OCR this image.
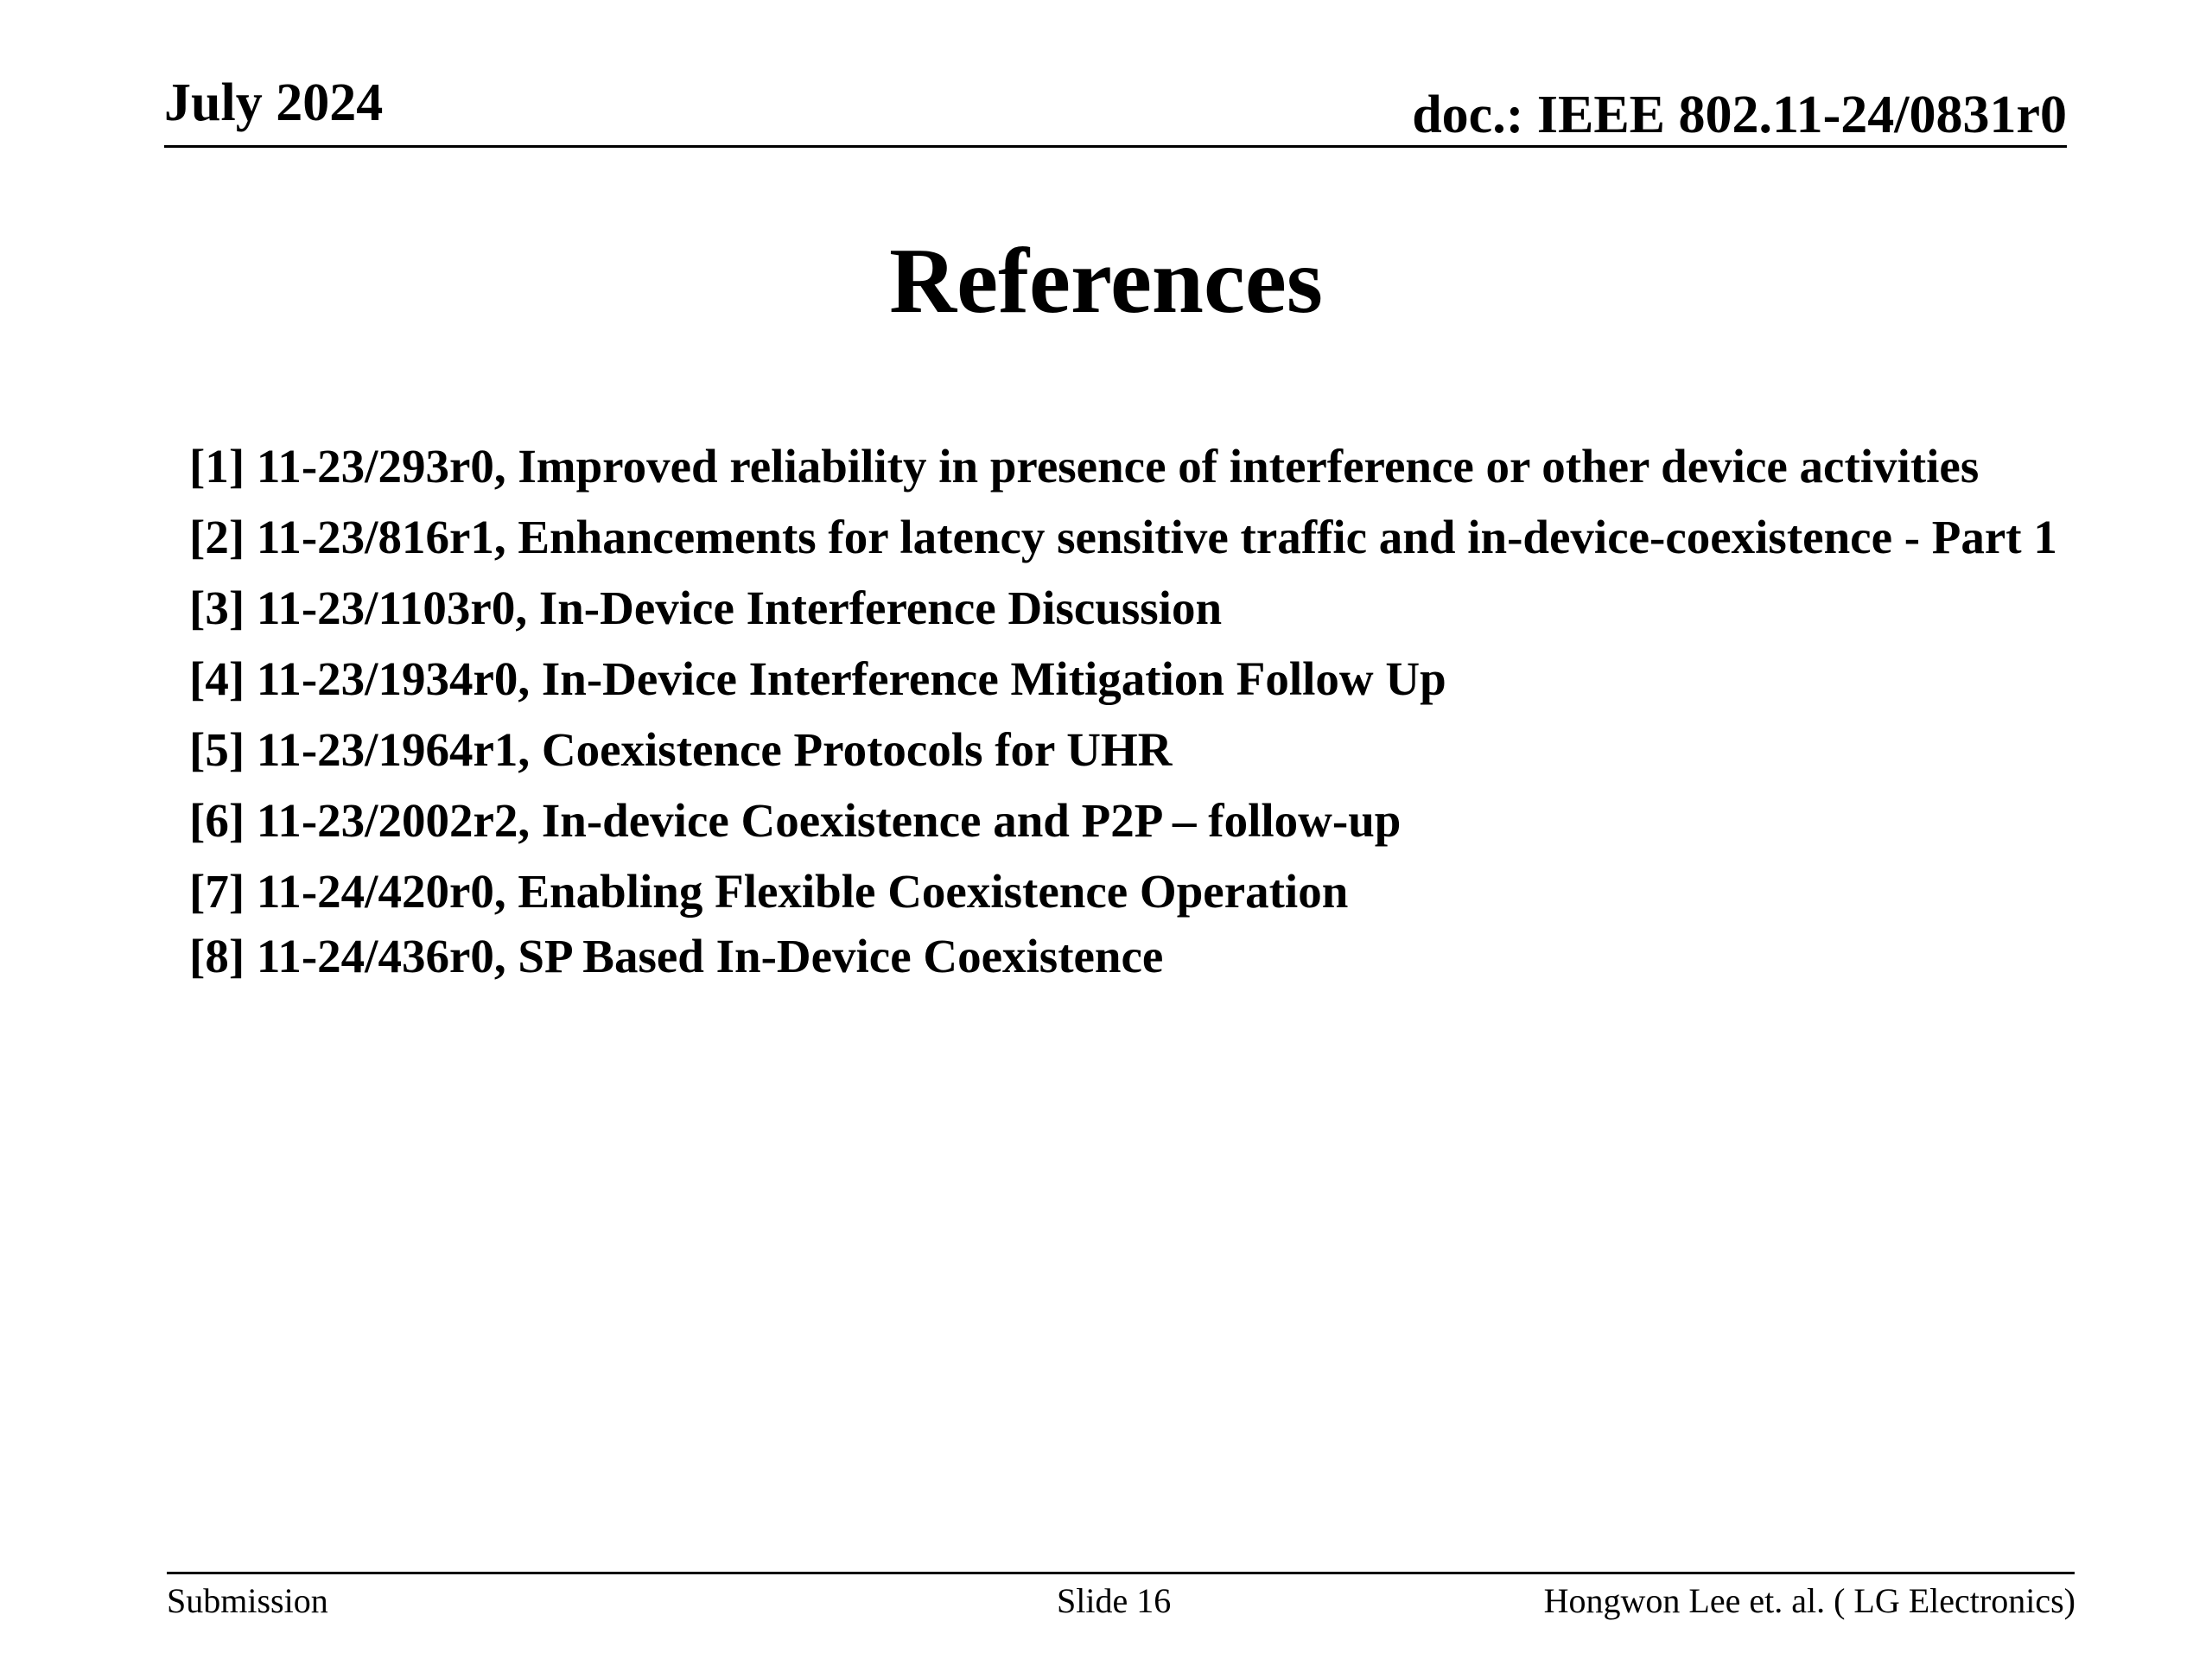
July 2024	doc.: IEEE 802.11-24/0831r0
References
[1] 11-23/293r0, Improved reliability in presence of interference or other device activities
[2] 11-23/816r1, Enhancements for latency sensitive traffic and in-device-coexistence - Part 1
[3] 11-23/1103r0, In-Device Interference Discussion
[4] 11-23/1934r0, In-Device Interference Mitigation Follow Up
[5] 11-23/1964r1, Coexistence Protocols for UHR
[6] 11-23/2002r2, In-device Coexistence and P2P – follow-up
[7] 11-24/420r0, Enabling Flexible Coexistence Operation
[8] 11-24/436r0, SP Based In-Device Coexistence
Submission	Slide 16	Hongwon Lee et. al. ( LG Electronics)
